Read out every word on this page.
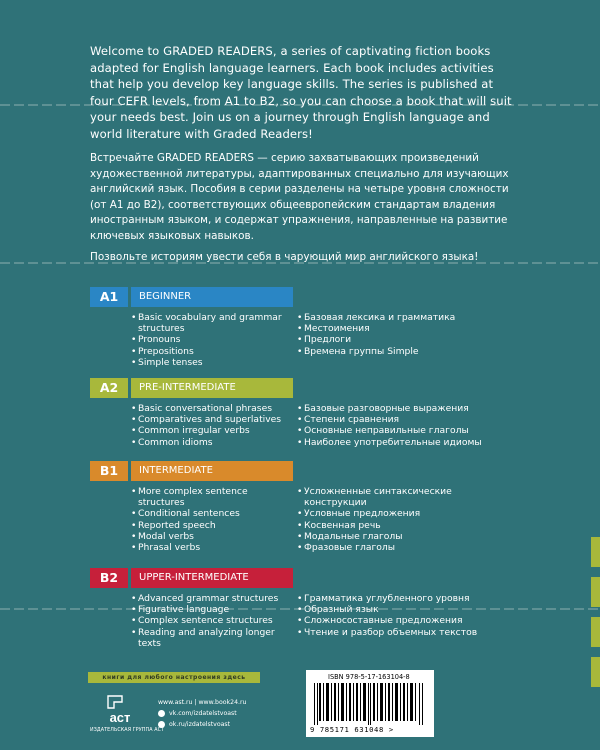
Welcome to GRADED READERS, a series of captivating fiction books adapted for English language learners. Each book includes activities that help you develop key language skills. The series is published at four CEFR levels, from A1 to B2, so you can choose a book that will suit your needs best. Join us on a journey through English language and world literature with Graded Readers!

Встречайте GRADED READERS — серию захватывающих произведений художественной литературы, адаптированных специально для изучающих английский язык. Пособия в серии разделены на четыре уровня сложности (от A1 до B2), соответствующих общеевропейским стандартам владения иностранным языком, и содержат упражнения, направленные на развитие ключевых языковых навыков.

Позвольте историям увести себя в чарующий мир английского языка!

A1	BEGINNER
• Basic vocabulary and grammar structures
• Pronouns
• Prepositions
• Simple tenses
• Базовая лексика и грамматика
• Местоимения
• Предлоги
• Времена группы Simple
A2	PRE-INTERMEDIATE
• Basic conversational phrases
• Comparatives and superlatives
• Common irregular verbs
• Common idioms
• Базовые разговорные выражения
• Степени сравнения
• Основные неправильные глаголы
• Наиболее употребительные идиомы
B1	INTERMEDIATE
• More complex sentence structures
• Conditional sentences
• Reported speech
• Modal verbs
• Phrasal verbs
• Усложненные синтаксические конструкции
• Условные предложения
• Косвенная речь
• Модальные глаголы
• Фразовые глаголы
B2	UPPER-INTERMEDIATE
• Advanced grammar structures
• Figurative language
• Complex sentence structures
• Reading and analyzing longer texts
• Грамматика углубленного уровня
• Образный язык
• Сложносоставные предложения
• Чтение и разбор объемных текстов
книги для любого настроения здесь
аст
ИЗДАТЕЛЬСКАЯ ГРУППА АСТ
www.ast.ru | www.book24.ru
vk.com/izdatelstvoast
ok.ru/izdatelstvoast
ISBN 978-5-17-163104-8
9 785171 631048 >
